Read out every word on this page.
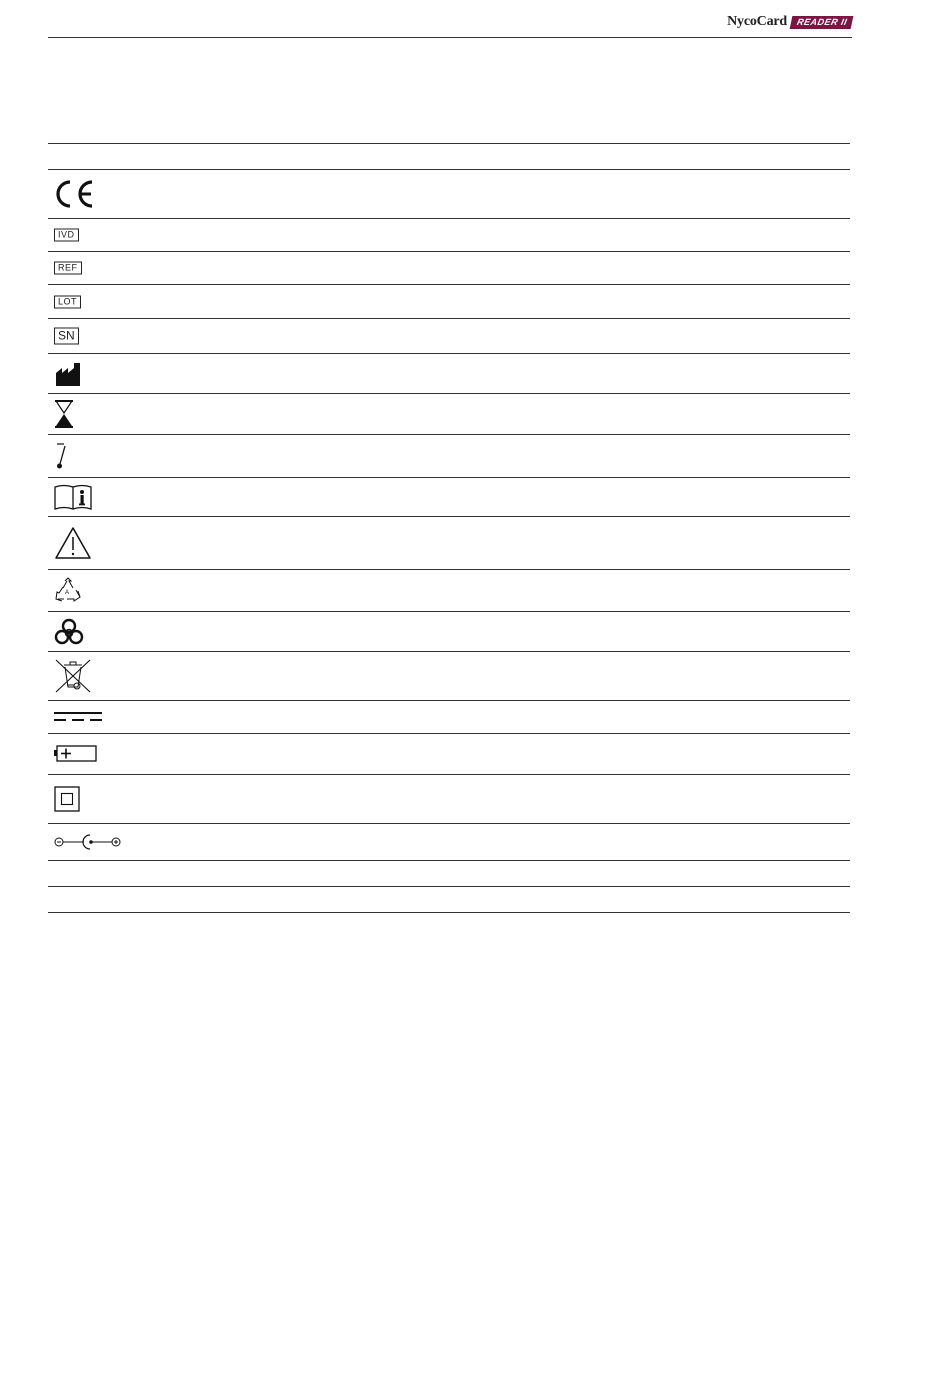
NycoCard	READER II
IVD
REF
LOT
SN
A
